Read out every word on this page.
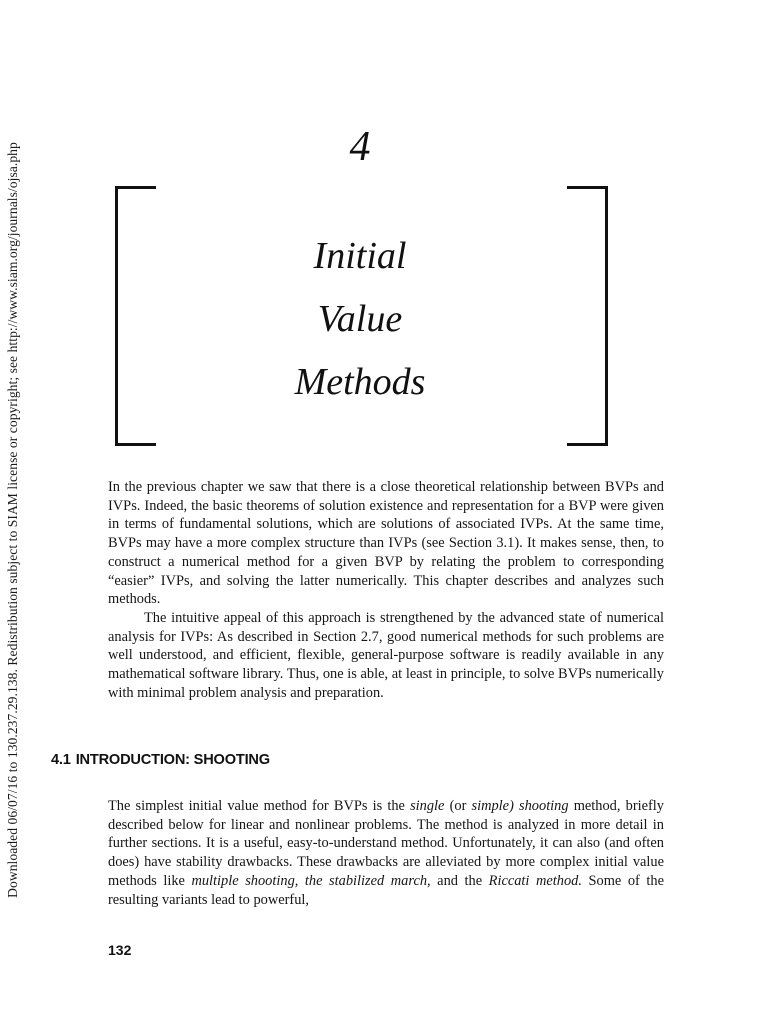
Downloaded 06/07/16 to 130.237.29.138. Redistribution subject to SIAM license or copyright; see http://www.siam.org/journals/ojsa.php	4
Initial
Value
Methods

In the previous chapter we saw that there is a close theoretical relationship between BVPs and IVPs. Indeed, the basic theorems of solution existence and representation for a BVP were given in terms of fundamental solutions, which are solutions of associated IVPs. At the same time, BVPs may have a more complex structure than IVPs (see Section 3.1). It makes sense, then, to construct a numerical method for a given BVP by relating the problem to corresponding “easier” IVPs, and solving the latter numerically. This chapter describes and analyzes such methods.

The intuitive appeal of this approach is strengthened by the advanced state of numerical analysis for IVPs: As described in Section 2.7, good numerical methods for such problems are well understood, and efficient, flexible, general-purpose software is readily available in any mathematical software library. Thus, one is able, at least in principle, to solve BVPs numerically with minimal problem analysis and preparation.

4.1 INTRODUCTION: SHOOTING

The simplest initial value method for BVPs is the single (or simple) shooting method, briefly described below for linear and nonlinear problems. The method is analyzed in more detail in further sections. It is a useful, easy-to-understand method. Unfortunately, it can also (and often does) have stability drawbacks. These drawbacks are alleviated by more complex initial value methods like multiple shooting, the stabilized march, and the Riccati method. Some of the resulting variants lead to powerful,

132
